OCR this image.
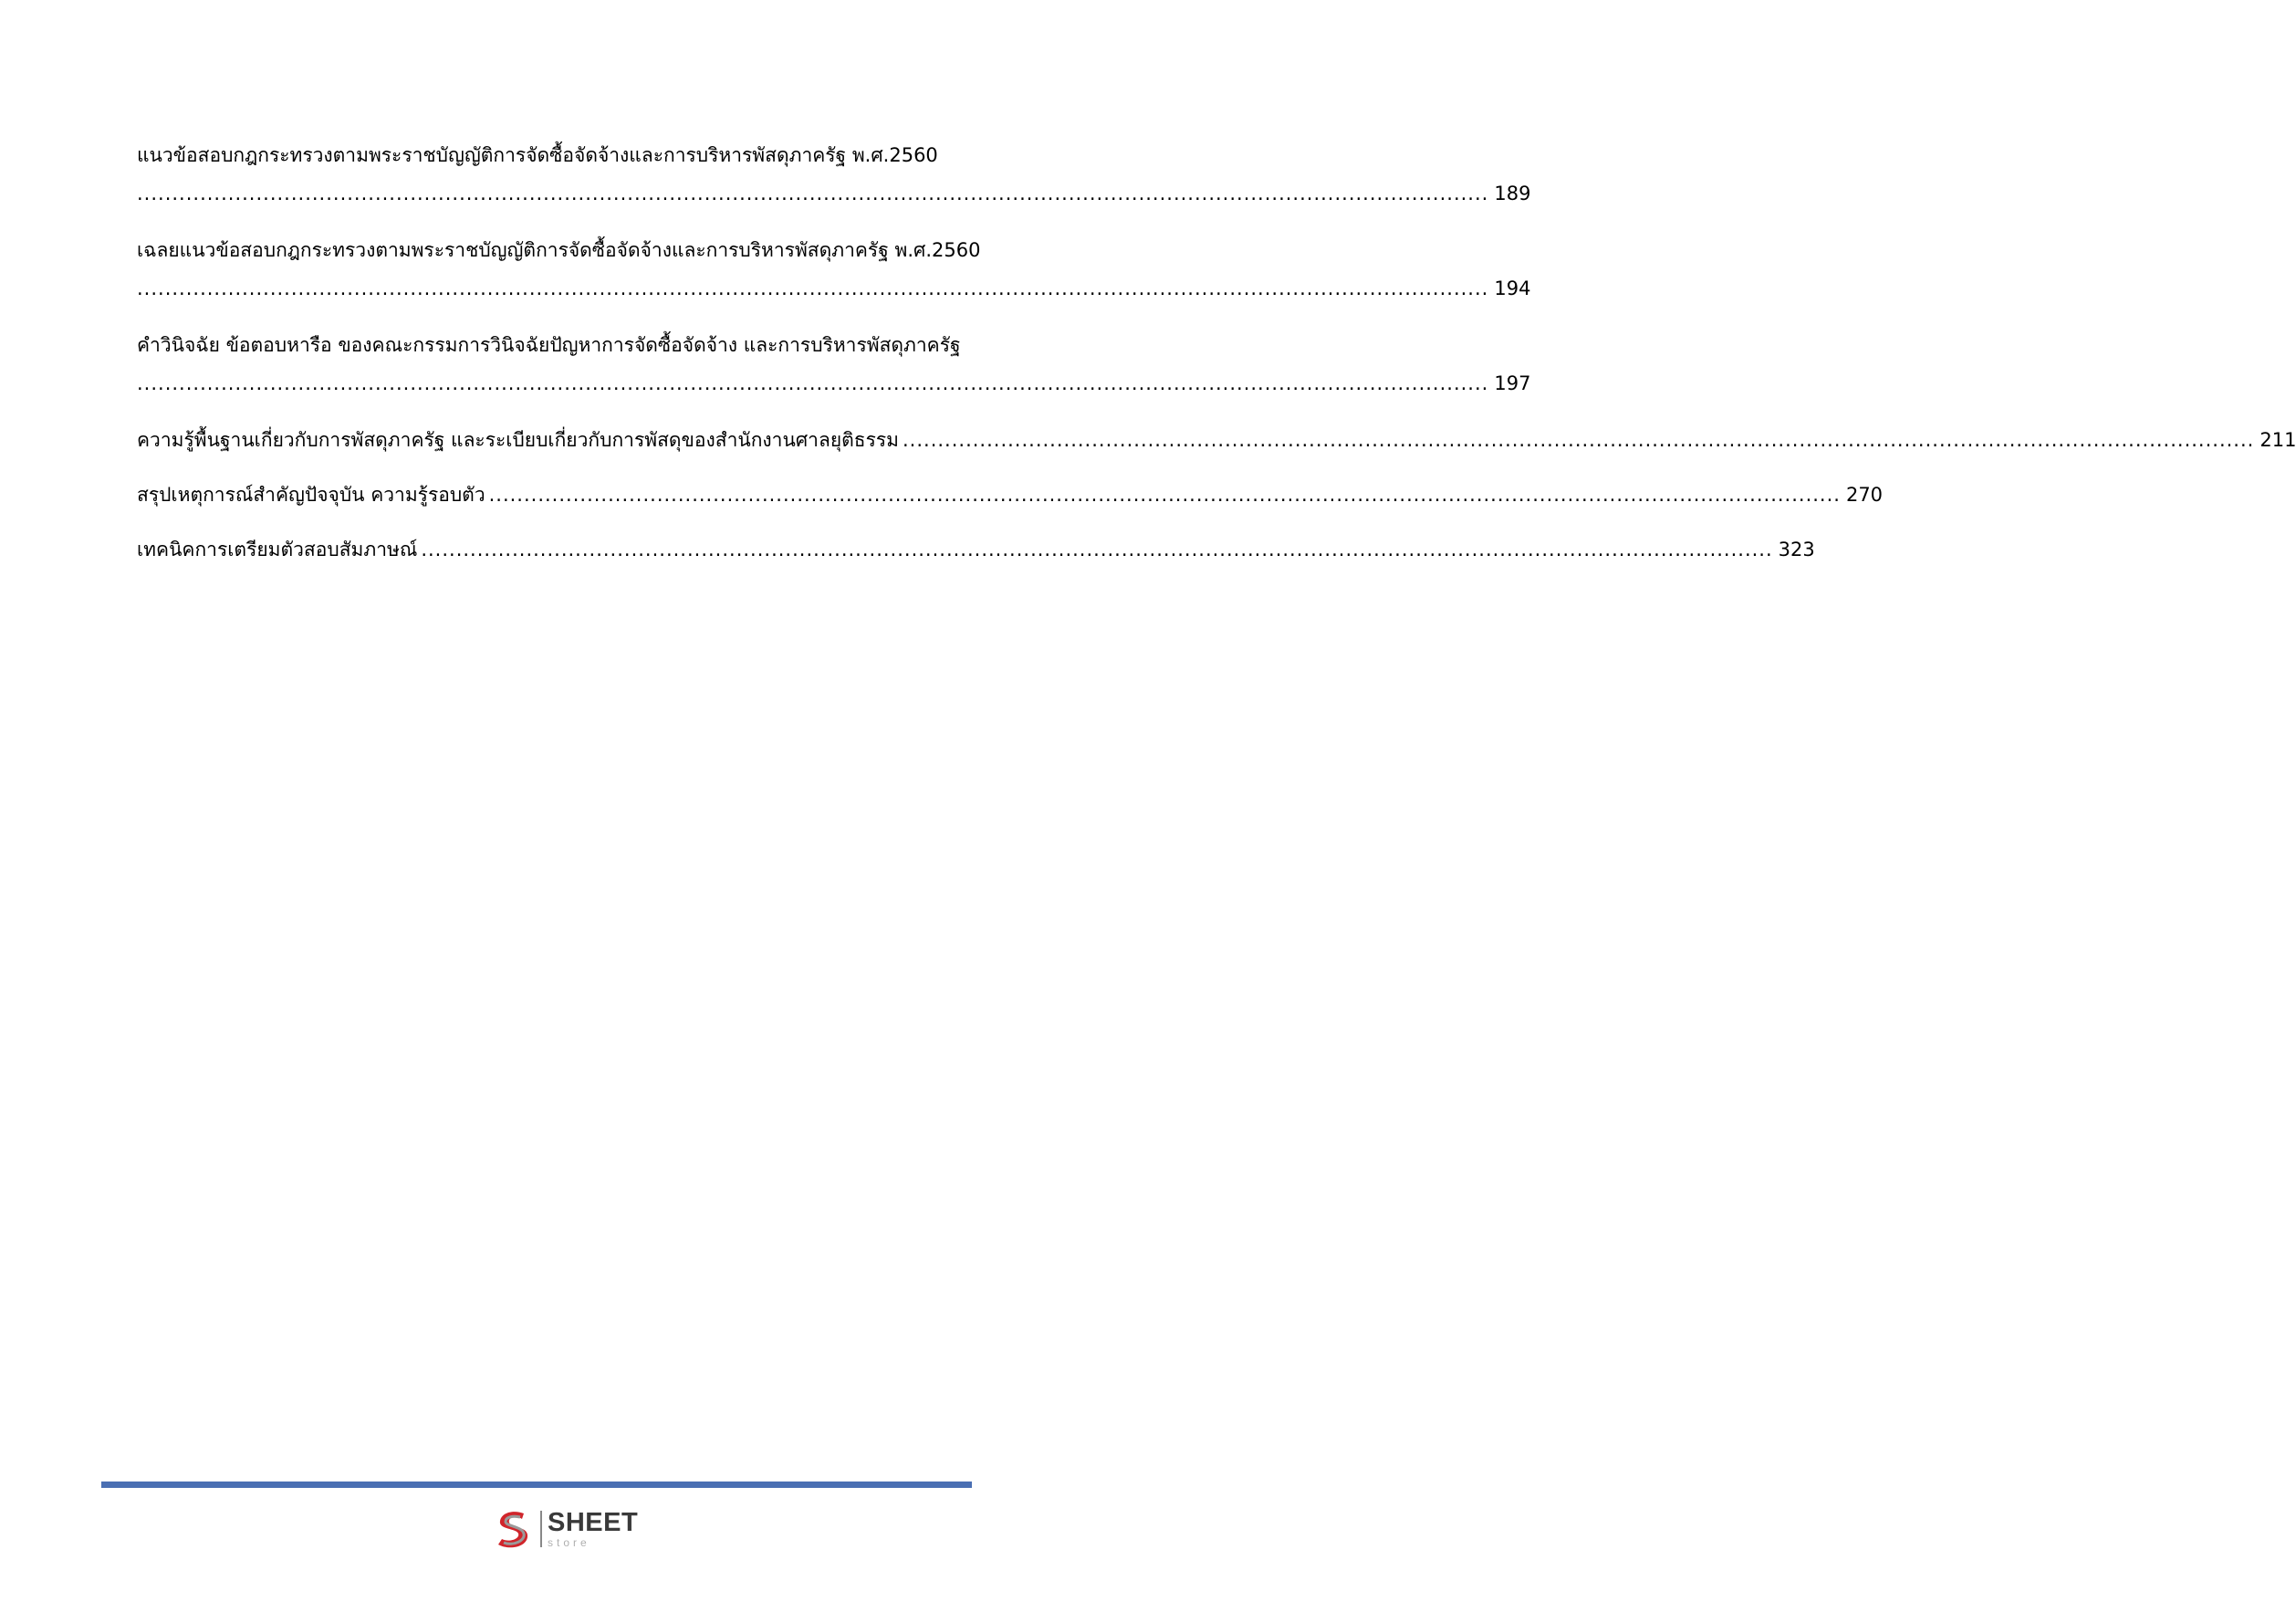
แนวข้อสอบกฎกระทรวงตามพระราชบัญญัติการจัดซื้อจัดจ้างและการบริหารพัสดุภาครัฐ พ.ศ.2560
................................................................................................................................................................................................. 189
เฉลยแนวข้อสอบกฎกระทรวงตามพระราชบัญญัติการจัดซื้อจัดจ้างและการบริหารพัสดุภาครัฐ พ.ศ.2560
................................................................................................................................................................................................. 194
คำวินิจฉัย ข้อตอบหารือ ของคณะกรรมการวินิจฉัยปัญหาการจัดซื้อจัดจ้าง และการบริหารพัสดุภาครัฐ
................................................................................................................................................................................................. 197
ความรู้พื้นฐานเกี่ยวกับการพัสดุภาครัฐ และระเบียบเกี่ยวกับการพัสดุของสำนักงานศาลยุติธรรม ................................................................................................................................................................................................. 211
สรุปเหตุการณ์สำคัญปัจจุบัน ความรู้รอบตัว ................................................................................................................................................................................................. 270
เทคนิคการเตรียมตัวสอบสัมภาษณ์ ................................................................................................................................................................................................. 323
SHEET
store
